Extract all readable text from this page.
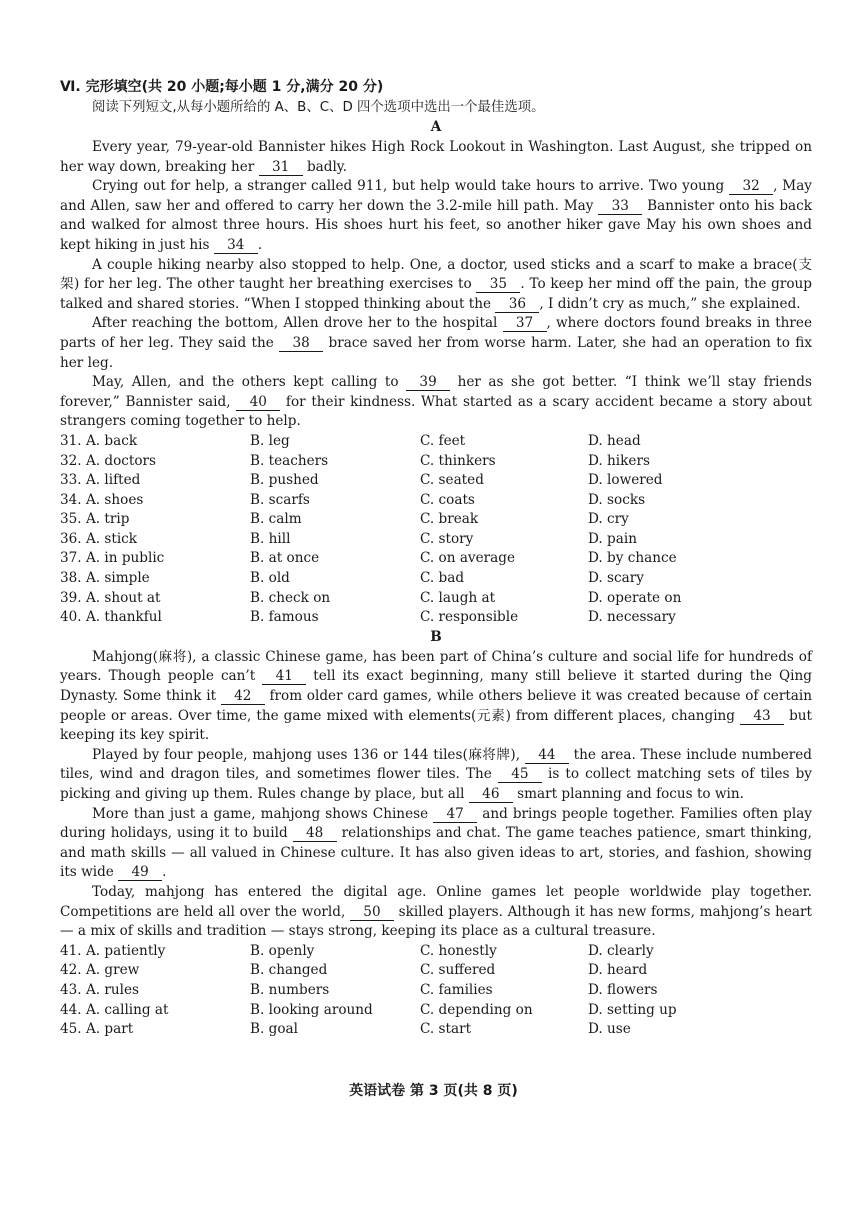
Ⅵ. 完形填空(共 20 小题;每小题 1 分,满分 20 分)
阅读下列短文,从每小题所给的 A、B、C、D 四个选项中选出一个最佳选项。
A

Every year, 79-year-old Bannister hikes High Rock Lookout in Washington. Last August, she tripped on her way down, breaking her 31 badly.

Crying out for help, a stranger called 911, but help would take hours to arrive. Two young 32 , May and Allen, saw her and offered to carry her down the 3.2-mile hill path. May 33 Bannister onto his back and walked for almost three hours. His shoes hurt his feet, so another hiker gave May his own shoes and kept hiking in just his 34 .

A couple hiking nearby also stopped to help. One, a doctor, used sticks and a scarf to make a brace(支架) for her leg. The other taught her breathing exercises to 35 . To keep her mind off the pain, the group talked and shared stories. “When I stopped thinking about the 36 , I didn’t cry as much,” she explained.

After reaching the bottom, Allen drove her to the hospital 37 , where doctors found breaks in three parts of her leg. They said the 38 brace saved her from worse harm. Later, she had an operation to fix her leg.

May, Allen, and the others kept calling to 39 her as she got better. “I think we’ll stay friends forever,” Bannister said, 40 for their kindness. What started as a scary accident became a story about strangers coming together to help.

31. A. back	B. leg	C. feet	D. head
32. A. doctors	B. teachers	C. thinkers	D. hikers
33. A. lifted	B. pushed	C. seated	D. lowered
34. A. shoes	B. scarfs	C. coats	D. socks
35. A. trip	B. calm	C. break	D. cry
36. A. stick	B. hill	C. story	D. pain
37. A. in public	B. at once	C. on average	D. by chance
38. A. simple	B. old	C. bad	D. scary
39. A. shout at	B. check on	C. laugh at	D. operate on
40. A. thankful	B. famous	C. responsible	D. necessary
B

Mahjong(麻将), a classic Chinese game, has been part of China’s culture and social life for hundreds of years. Though people can’t 41 tell its exact beginning, many still believe it started during the Qing Dynasty. Some think it 42 from older card games, while others believe it was created because of certain people or areas. Over time, the game mixed with elements(元素) from different places, changing 43 but keeping its key spirit.

Played by four people, mahjong uses 136 or 144 tiles(麻将牌), 44 the area. These include numbered tiles, wind and dragon tiles, and sometimes flower tiles. The 45 is to collect matching sets of tiles by picking and giving up them. Rules change by place, but all 46 smart planning and focus to win.

More than just a game, mahjong shows Chinese 47 and brings people together. Families often play during holidays, using it to build 48 relationships and chat. The game teaches patience, smart thinking, and math skills — all valued in Chinese culture. It has also given ideas to art, stories, and fashion, showing its wide 49 .

Today, mahjong has entered the digital age. Online games let people worldwide play together. Competitions are held all over the world, 50 skilled players. Although it has new forms, mahjong’s heart — a mix of skills and tradition — stays strong, keeping its place as a cultural treasure.

41. A. patiently	B. openly	C. honestly	D. clearly
42. A. grew	B. changed	C. suffered	D. heard
43. A. rules	B. numbers	C. families	D. flowers
44. A. calling at	B. looking around	C. depending on	D. setting up
45. A. part	B. goal	C. start	D. use
英语试卷 第 3 页(共 8 页)
